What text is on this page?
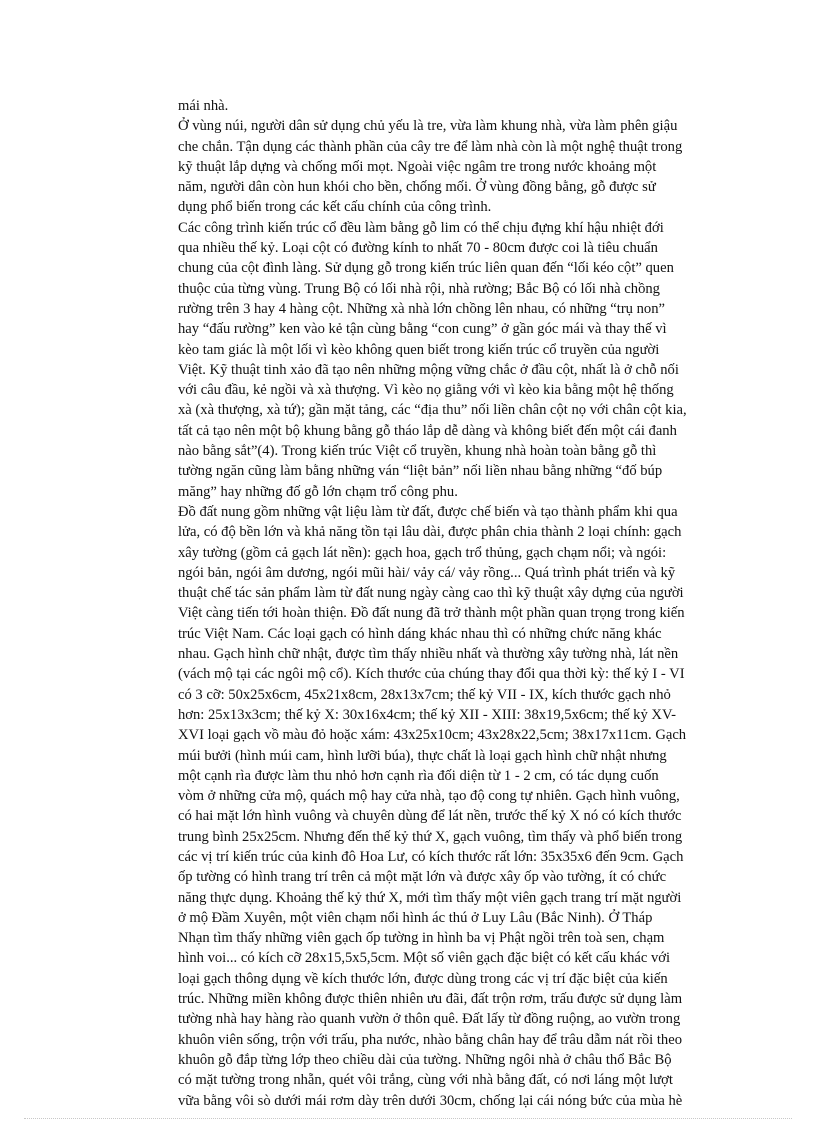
mái nhà.
Ở vùng núi, người dân sử dụng chủ yếu là tre, vừa làm khung nhà, vừa làm phên giậu
che chắn. Tận dụng các thành phần của cây tre để làm nhà còn là một nghệ thuật trong
kỹ thuật lắp dựng và chống mối mọt. Ngoài việc ngâm tre trong nước khoảng một
năm, người dân còn hun khói cho bền, chống mối. Ở vùng đồng bằng, gỗ được sử
dụng phổ biến trong các kết cấu chính của công trình.
Các công trình kiến trúc cổ đều làm bằng gỗ lim có thể chịu đựng khí hậu nhiệt đới
qua nhiều thế kỷ. Loại cột có đường kính to nhất 70 - 80cm được coi là tiêu chuẩn
chung của cột đình làng. Sử dụng gỗ trong kiến trúc liên quan đến “lối kéo cột” quen
thuộc của từng vùng. Trung Bộ có lối nhà rội, nhà rường; Bắc Bộ có lối nhà chồng
rường trên 3 hay 4 hàng cột. Những xà nhà lớn chồng lên nhau, có những “trụ non”
hay “đấu rường” ken vào kẻ tận cùng bằng “con cung” ở gần góc mái và thay thế vì
kèo tam giác là một lối vì kèo không quen biết trong kiến trúc cổ truyền của người
Việt. Kỹ thuật tinh xảo đã tạo nên những mộng vững chắc ở đầu cột, nhất là ở chỗ nối
với câu đầu, kẻ ngồi và xà thượng. Vì kèo nọ giằng với vì kèo kia bằng một hệ thống
xà (xà thượng, xà tứ); gần mặt tảng, các “địa thu” nối liền chân cột nọ với chân cột kia,
tất cả tạo nên một bộ khung bằng gỗ tháo lắp dễ dàng và không biết đến một cái đanh
nào bằng sắt”(4). Trong kiến trúc Việt cổ truyền, khung nhà hoàn toàn bằng gỗ thì
tường ngăn cũng làm bằng những ván “liệt bản” nối liền nhau bằng những “đố búp
măng” hay những đố gỗ lớn chạm trổ công phu.
Đồ đất nung gồm những vật liệu làm từ đất, được chế biến và tạo thành phẩm khi qua
lửa, có độ bền lớn và khả năng tồn tại lâu dài, được phân chia thành 2 loại chính: gạch
xây tường (gồm cả gạch lát nền): gạch hoa, gạch trổ thủng, gạch chạm nổi; và ngói:
ngói bản, ngói âm dương, ngói mũi hài/ vảy cá/ vảy rồng... Quá trình phát triển và kỹ
thuật chế tác sản phẩm làm từ đất nung ngày càng cao thì kỹ thuật xây dựng của người
Việt càng tiến tới hoàn thiện. Đồ đất nung đã trở thành một phần quan trọng trong kiến
trúc Việt Nam. Các loại gạch có hình dáng khác nhau thì có những chức năng khác
nhau. Gạch hình chữ nhật, được tìm thấy nhiều nhất và thường xây tường nhà, lát nền
(vách mộ tại các ngôi mộ cổ). Kích thước của chúng thay đổi qua thời kỳ: thế kỷ I - VI
có 3 cỡ: 50x25x6cm, 45x21x8cm, 28x13x7cm; thế kỷ VII - IX, kích thước gạch nhỏ
hơn: 25x13x3cm; thế kỷ X: 30x16x4cm; thế kỷ XII - XIII: 38x19,5x6cm; thế kỷ XV-
XVI loại gạch vồ màu đỏ hoặc xám: 43x25x10cm; 43x28x22,5cm; 38x17x11cm. Gạch
múi bưởi (hình múi cam, hình lưỡi búa), thực chất là loại gạch hình chữ nhật nhưng
một cạnh rìa được làm thu nhỏ hơn cạnh rìa đối diện từ 1 - 2 cm, có tác dụng cuốn
vòm ở những cửa mộ, quách mộ hay cửa nhà, tạo độ cong tự nhiên. Gạch hình vuông,
có hai mặt lớn hình vuông và chuyên dùng để lát nền, trước thế kỷ X nó có kích thước
trung bình 25x25cm. Nhưng đến thế kỷ thứ X, gạch vuông, tìm thấy và phổ biến trong
các vị trí kiến trúc của kinh đô Hoa Lư, có kích thước rất lớn: 35x35x6 đến 9cm. Gạch
ốp tường có hình trang trí trên cả một mặt lớn và được xây ốp vào tường, ít có chức
năng thực dụng. Khoảng thế kỷ thứ X, mới tìm thấy một viên gạch trang trí mặt người
ở mộ Đầm Xuyên, một viên chạm nổi hình ác thú ở Luy Lâu (Bắc Ninh). Ở Tháp
Nhạn tìm thấy những viên gạch ốp tường in hình ba vị Phật ngồi trên toà sen, chạm
hình voi... có kích cỡ 28x15,5x5,5cm. Một số viên gạch đặc biệt có kết cấu khác với
loại gạch thông dụng về kích thước lớn, được dùng trong các vị trí đặc biệt của kiến
trúc. Những miền không được thiên nhiên ưu đãi, đất trộn rơm, trấu được sử dụng làm
tường nhà hay hàng rào quanh vườn ở thôn quê. Đất lấy từ đồng ruộng, ao vườn trong
khuôn viên sống, trộn với trấu, pha nước, nhào bằng chân hay để trâu dẫm nát rồi theo
khuôn gỗ đắp từng lớp theo chiều dài của tường. Những ngôi nhà ở châu thổ Bắc Bộ
có mặt tường trong nhẵn, quét vôi trắng, cùng với nhà bằng đất, có nơi láng một lượt
vữa bằng vôi sò dưới mái rơm dày trên dưới 30cm, chống lại cái nóng bức của mùa hè
